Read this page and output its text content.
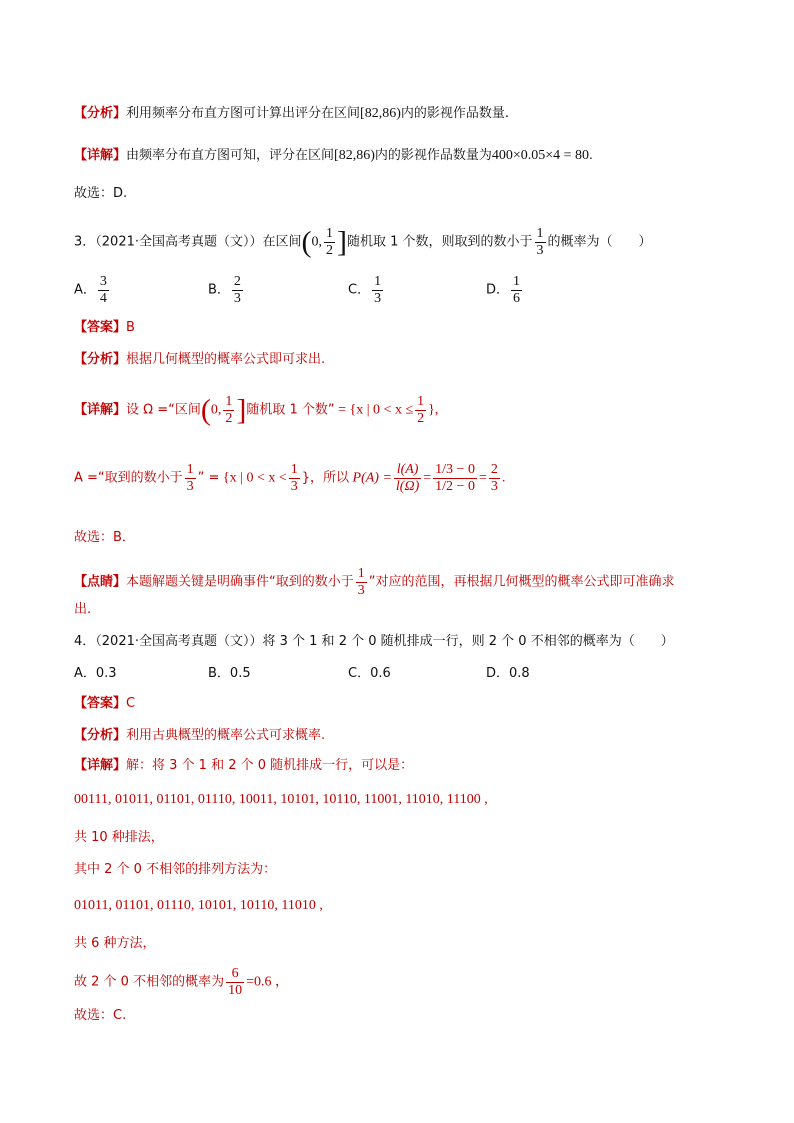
【分析】利用频率分布直方图可计算出评分在区间[82,86)内的影视作品数量.
【详解】由频率分布直方图可知，评分在区间[82,86)内的影视作品数量为400×0.05×4 = 80.
故选：D.
3．（2021·全国高考真题（文））在区间(0, $\frac{1}{2}$ ]随机取 1 个数，则取到的数小于 $\frac{1}{3}$ 的概率为（　　）
A． $\frac{3}{4}$	B． $\frac{2}{3}$	C． $\frac{1}{3}$	D． $\frac{1}{6}$
【答案】B
【分析】根据几何概型的概率公式即可求出.
【详解】设 Ω =“区间(0, $\frac{1}{2}$ ]随机取 1 个数” = {x | $0 < x \le \frac{1}{2}$ },
A =“取到的数小于 $\frac{1}{3}$ ” = {x | $0 < x < \frac{1}{3}$ }，所以 $P(A) = \frac{l(A)}{l(\Omega)} = \frac{1/3 - 0}{1/2 - 0} = \frac{2}{3}$ .
故选：B．
【点睛】本题解题关键是明确事件“取到的数小于 $\frac{1}{3}$ ”对应的范围，再根据几何概型的概率公式即可准确求
出.
4．（2021·全国高考真题（文））将 3 个 1 和 2 个 0 随机排成一行，则 2 个 0 不相邻的概率为（　　）
A．0.3	B．0.5	C．0.6	D．0.8
【答案】C
【分析】利用古典概型的概率公式可求概率.
【详解】解：将 3 个 1 和 2 个 0 随机排成一行，可以是：
00111, 01011, 01101, 01110, 10011, 10101, 10110, 11001, 11010, 11100 ,
共 10 种排法，
其中 2 个 0 不相邻的排列方法为：
01011, 01101, 01110, 10101, 10110, 11010 ,
共 6 种方法，
故 2 个 0 不相邻的概率为 $\frac{6}{10} =0.6$ ，
故选：C.
